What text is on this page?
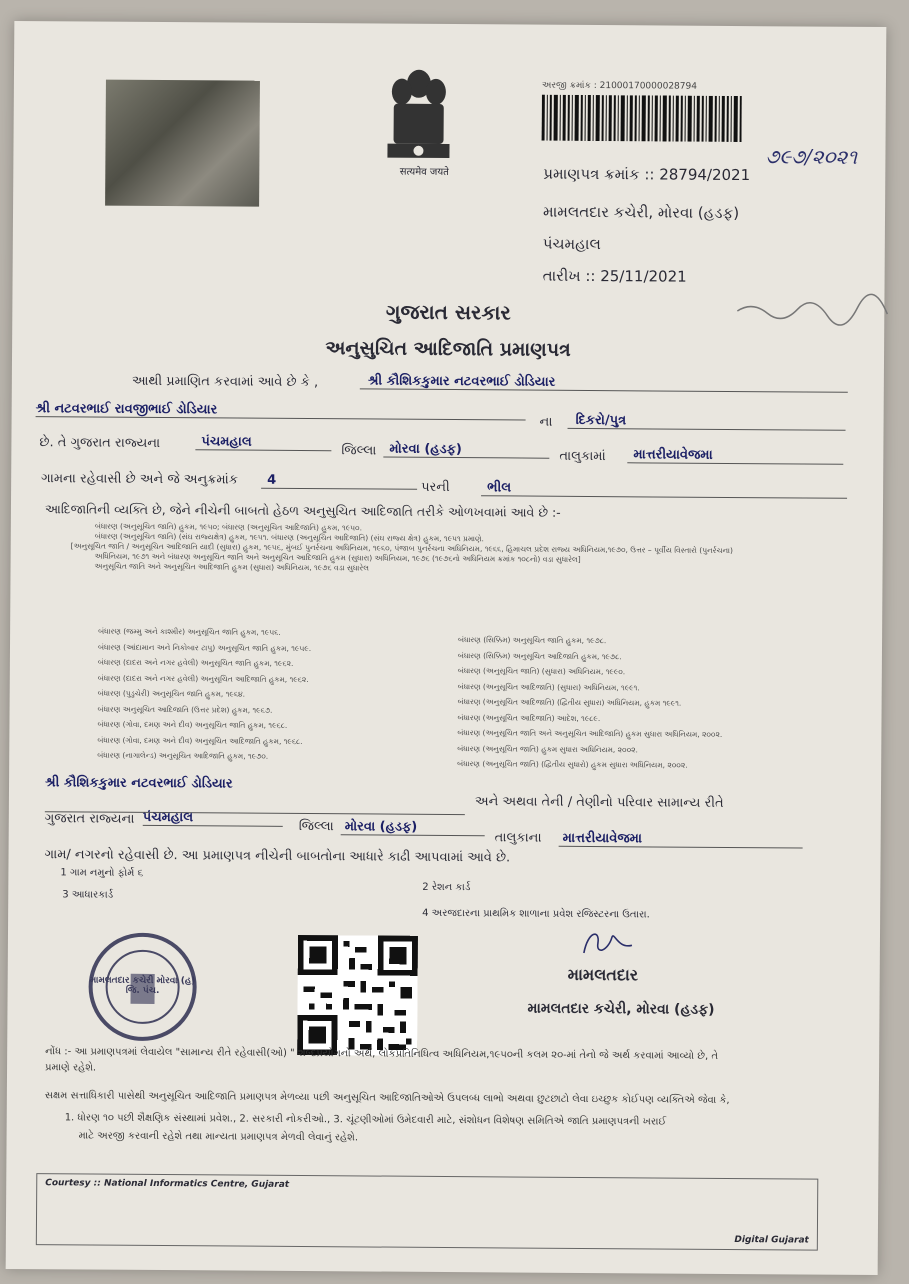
सत्यमेव जयते
અરજી ક્રમાંક : 21000170000028794
પ્રમાણપત્ર ક્રમાંક :: 28794/2021
૭૯૭/૨૦૨૧
મામલતદાર કચેરી, મોરવા (હડફ)
પંચમહાલ
તારીખ :: 25/11/2021
ગુજરાત સરકાર
અનુસુચિત આદિજાતિ પ્રમાણપત્ર
આથી પ્રમાણિત કરવામાં આવે છે કે ,	શ્રી કૌશિકકુમાર નટવરભાઈ ડોડિયાર
શ્રી નટવરભાઈ રાવજીભાઈ ડોડિયાર
ના	દિકરો/પુત્ર
છે. તે ગુજરાત રાજ્યના	પંચમહાલ
જિલ્લા મોરવા (હડફ)	તાલુકામાં	માત્તરીયાવેજમા
ગામના રહેવાસી છે અને જે અનુક્રમાંક	4	પરની	ભીલ
આદિજાતિની વ્યક્તિ છે, જેને નીચેની બાબતો હેઠળ અનુસુચિત આદિજાતિ તરીકે ઓળખવામાં આવે છે :-
બંધારણ (અનુસૂચિત જાતિ) હુકમ, ૧૯૫૦; બંધારણ (અનુસૂચિત આદિજાતિ) હુકમ, ૧૯૫૦.
બંધારણ (અનુસૂચિત જાતિ) (સંઘ રાજ્યક્ષેત્ર) હુકમ, ૧૯૫૧. બંધારણ (અનુસૂચિત આદિજાતિ) (સંઘ રાજ્ય ક્ષેત્ર) હુકમ, ૧૯૫૧ પ્રમાણે.
[અનુસૂચિત જાતિ / અનુસૂચિત આદિજાતિ યાદી (સુધારા) હુકમ, ૧૯૫૬, મુંબઈ પુનર્રચના અધિનિયમ, ૧૯૬૦, પંજાબ પુનર્રચના અધિનિયમ, ૧૯૬૬, હિમાચલ પ્રદેશ રાજ્ય અધિનિયમ,૧૯૭૦, ઉત્તર – પૂર્વીય વિસ્તારો (પુનર્રચના)
અધિનિયમ, ૧૯૭૧ અને બંધારણ અનુસૂચિત જાતિ અને અનુસૂચિત આદિજાતિ હુકમ (સુધારા) અધિનિયમ, ૧૯૭૬ (૧૯૭૬નો અધિનિયમ ક્રમાંક ૧૦૮નો) વડા સુધારેલ]
અનુસૂચિત જાતિ અને અનુસૂચિત આદિજાતિ હુકમ (સુધારા) અધિનિયમ, ૧૯૭૬ વડા સુધારેલ
બંધારણ (જમ્મુ અને કાશ્મીર) અનુસૂચિત જાતિ હુકમ, ૧૯૫૬.
બંધારણ (આંદામાન અને નિકોબાર ટાપુ) અનુસૂચિત જાતિ હુકમ, ૧૯૫૯.
બંધારણ (દાદરા અને નગર હવેલી) અનુસૂચિત જાતિ હુકમ, ૧૯૬૨.
બંધારણ (દાદરા અને નગર હવેલી) અનુસૂચિત આદિજાતિ હુકમ, ૧૯૬૨.
બંધારણ (પુડુચેરી) અનુસૂચિત જાતિ હુકમ, ૧૯૬૪.
બંધારણ અનુસૂચિત આદિજાતિ (ઉત્તર પ્રદેશ) હુકમ, ૧૯૬૭.
બંધારણ (ગોવા, દમણ અને દીવ) અનુસૂચિત જાતિ હુકમ, ૧૯૬૮.
બંધારણ (ગોવા, દમણ અને દીવ) અનુસૂચિત આદિજાતિ હુકમ, ૧૯૬૮.
બંધારણ (નાગાલેન્ડ) અનુસૂચિત આદિજાતિ હુકમ, ૧૯૭૦.
બંધારણ (સિક્કિમ) અનુસૂચિત જાતિ હુકમ, ૧૯૭૮.
બંધારણ (સિક્કિમ) અનુસૂચિત આદિજાતિ હુકમ, ૧૯૭૮.
બંધારણ (અનુસૂચિત જાતિ) (સુધારા) અધિનિયમ, ૧૯૯૦.
બંધારણ (અનુસૂચિત આદિજાતિ) (સુધારા) અધિનિયમ, ૧૯૯૧.
બંધારણ (અનુસૂચિત આદિજાતિ) (દ્વિતીય સુધારા) અધિનિયમ, હુકમ ૧૯૯૧.
બંધારણ (અનુસૂચિત આદિજાતિ) આદેશ, ૧૯૮૯.
બંધારણ (અનુસૂચિત જાતિ અને અનુસૂચિત આદિજાતિ) હુકમ સુધારા અધિનિયમ, ૨૦૦૨.
બંધારણ (અનુસૂચિત જાતિ) હુકમ સુધારા અધિનિયમ, ૨૦૦૨.
બંધારણ (અનુસૂચિત જાતિ) (દ્વિતીય સુધારો) હુકમ સુધારા અધિનિયમ, ૨૦૦૨.
શ્રી કૌશિકકુમાર નટવરભાઈ ડોડિયાર
અને અથવા તેની / તેણીનો પરિવાર સામાન્ય રીતે
ગુજરાત રાજ્યના પંચમહાલ
જિલ્લા મોરવા (હડફ)
તાલુકાના	માત્તરીયાવેજમા
ગામ/ નગરનો રહેવાસી છે. આ પ્રમાણપત્ર નીચેની બાબતોના આધારે કાઢી આપવામાં આવે છે.
1 ગામ નમુનો ફોર્મ ૬
2 રેશન કાર્ડ
3 આધારકાર્ડ
4 અરજદારના પ્રાથમિક શાળાના પ્રવેશ રજિસ્ટરના ઉતારા.
મામલતદાર કચેરી મોરવા (હ) જિ. પંચ.
મામલતદાર
મામલતદાર કચેરી, મોરવા (હડફ)
નોંધ :- આ પ્રમાણપત્રમાં લેવાયેલ "સામાન્ય રીતે રહેવાસી(ઓ) " શબ્દપ્રયોગનો અર્થ, લોકપ્રતિનિધિત્વ અધિનિયમ,૧૯૫૦ની કલમ ૨૦-માં તેનો જે અર્થ કરવામાં આવ્યો છે, તે
પ્રમાણે રહેશે.
સક્ષમ સત્તાધિકારી પાસેથી અનુસૂચિત આદિજાતિ પ્રમાણપત્ર મેળવ્યા પછી અનુસૂચિત આદિજાતિઓએ ઉપલબ્ધ લાભો અથવા છુટછાટો લેવા ઇચ્છુક કોઈપણ વ્યક્તિએ જેવા કે,
1. ધોરણ ૧૦ પછી શૈક્ષણિક સંસ્થામાં પ્રવેશ., 2. સરકારી નોકરીઓ., 3. ચૂંટણીઓમાં ઉમેદવારી માટે, સંશોધન વિશેષણ સમિતિએ જાતિ પ્રમાણપત્રની ખરાઈ
માટે અરજી કરવાની રહેશે તથા માન્યતા પ્રમાણપત્ર મેળવી લેવાનું રહેશે.
Courtesy :: National Informatics Centre, Gujarat
Digital Gujarat
